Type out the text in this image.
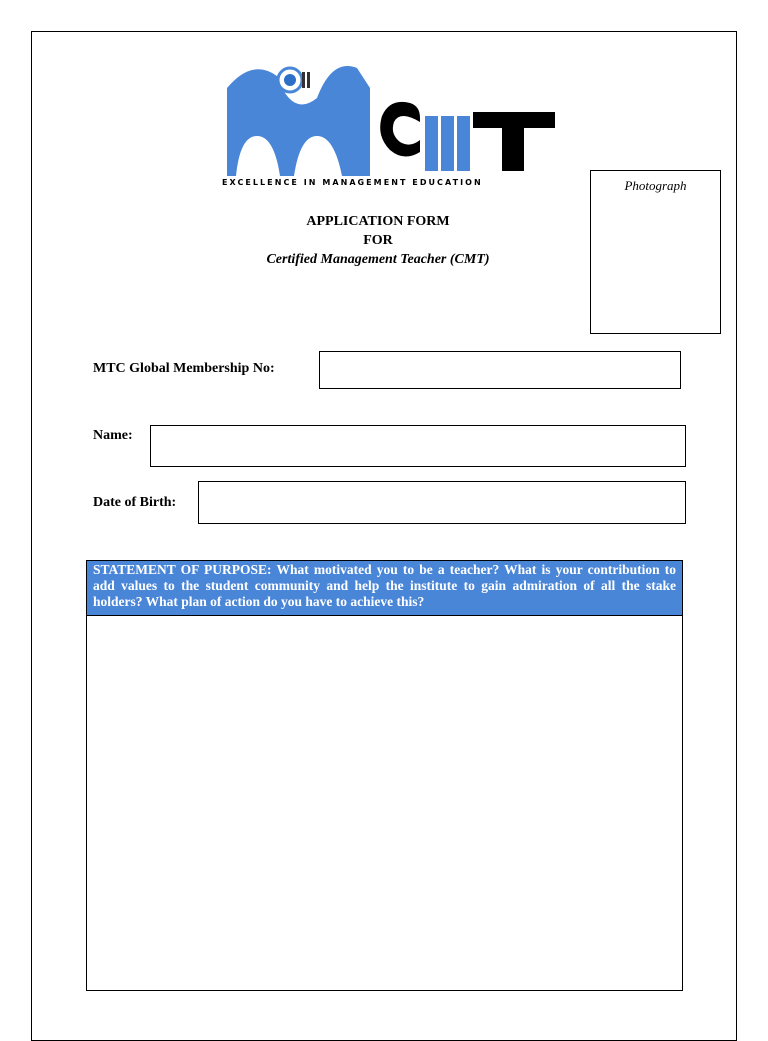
EXCELLENCE IN MANAGEMENT EDUCATION
APPLICATION FORM
FOR
Certified Management Teacher (CMT)
Photograph
MTC Global Membership No:
Name:
Date of Birth:
STATEMENT OF PURPOSE: What motivated you to be a teacher? What is your contribution to add values to the student community and help the institute to gain admiration of all the stake holders? What plan of action do you have to achieve this?
